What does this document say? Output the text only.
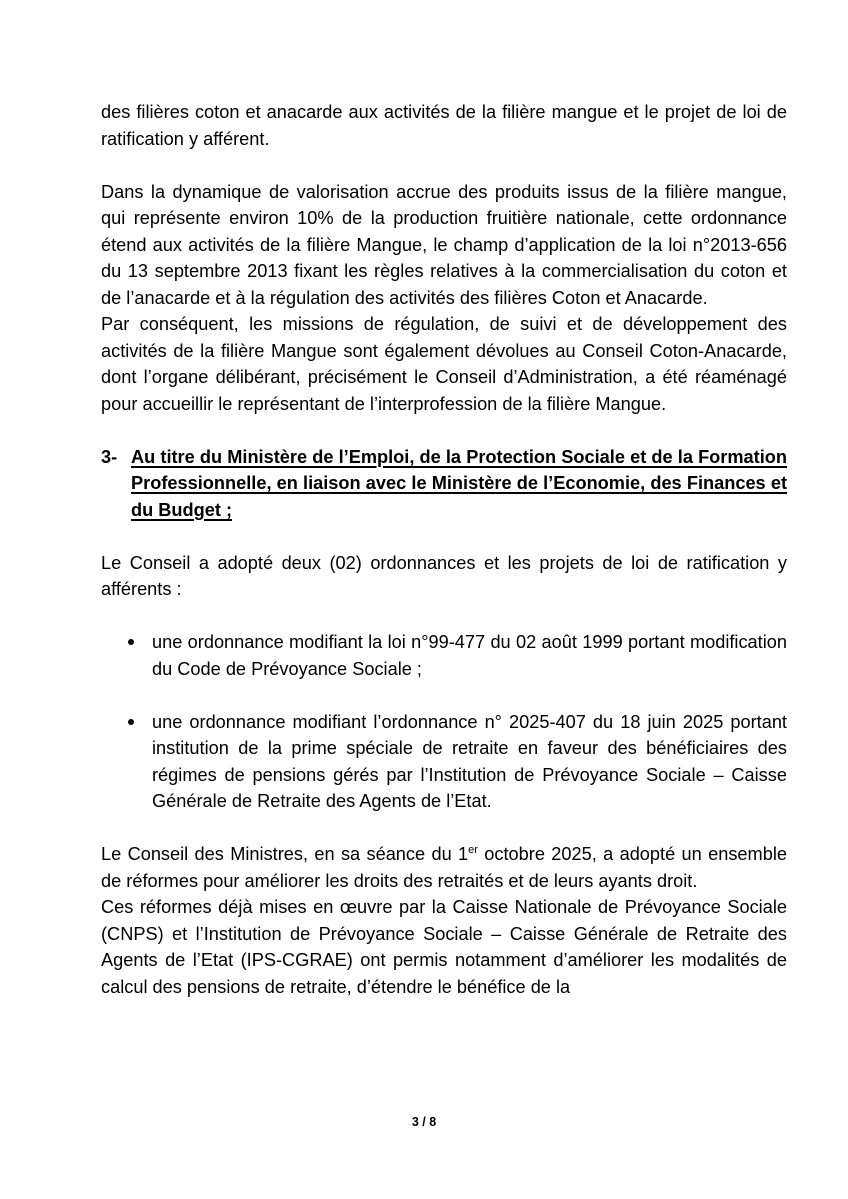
des filières coton et anacarde aux activités de la filière mangue et le projet de loi de ratification y afférent.

Dans la dynamique de valorisation accrue des produits issus de la filière mangue, qui représente environ 10% de la production fruitière nationale, cette ordonnance étend aux activités de la filière Mangue, le champ d’application de la loi n°2013-656 du 13 septembre 2013 fixant les règles relatives à la commercialisation du coton et de l’anacarde et à la régulation des activités des filières Coton et Anacarde.

Par conséquent, les missions de régulation, de suivi et de développement des activités de la filière Mangue sont également dévolues au Conseil Coton-Anacarde, dont l’organe délibérant, précisément le Conseil d’Administration, a été réaménagé pour accueillir le représentant de l’interprofession de la filière Mangue.

3- Au titre du Ministère de l’Emploi, de la Protection Sociale et de la Formation Professionnelle, en liaison avec le Ministère de l’Economie, des Finances et du Budget ;

Le Conseil a adopté deux (02) ordonnances et les projets de loi de ratification y afférents :

une ordonnance modifiant la loi n°99-477 du 02 août 1999 portant modification du Code de Prévoyance Sociale ;
une ordonnance modifiant l’ordonnance n° 2025-407 du 18 juin 2025 portant institution de la prime spéciale de retraite en faveur des bénéficiaires des régimes de pensions gérés par l’Institution de Prévoyance Sociale – Caisse Générale de Retraite des Agents de l’Etat.

Le Conseil des Ministres, en sa séance du 1er octobre 2025, a adopté un ensemble de réformes pour améliorer les droits des retraités et de leurs ayants droit.

Ces réformes déjà mises en œuvre par la Caisse Nationale de Prévoyance Sociale (CNPS) et l’Institution de Prévoyance Sociale – Caisse Générale de Retraite des Agents de l’Etat (IPS-CGRAE) ont permis notamment d’améliorer les modalités de calcul des pensions de retraite, d’étendre le bénéfice de la

3 / 8
